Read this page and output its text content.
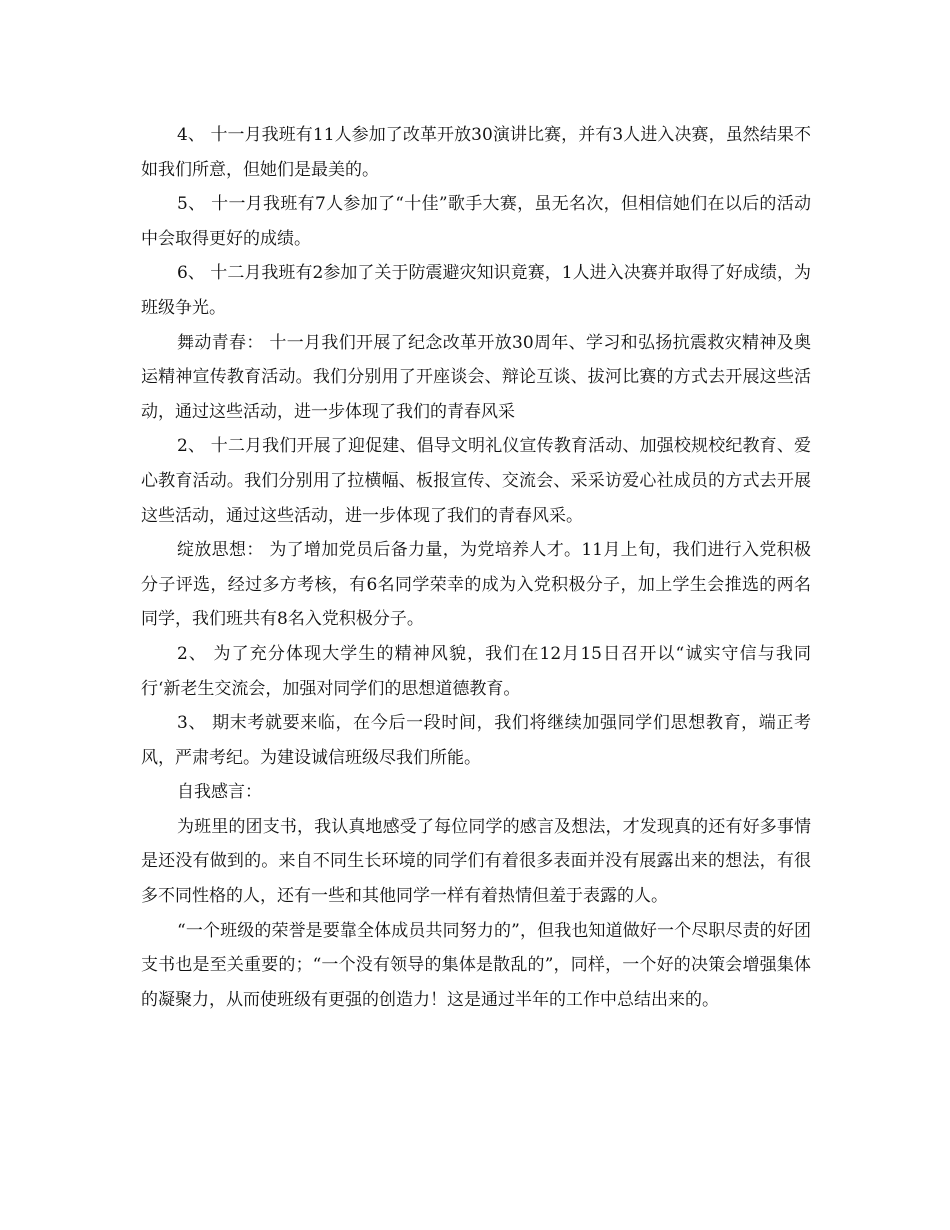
4、 十一月我班有11人参加了改革开放30演讲比赛，并有3人进入决赛，虽然结果不如我们所意，但她们是最美的。

5、 十一月我班有7人参加了“十佳”歌手大赛，虽无名次，但相信她们在以后的活动中会取得更好的成绩。

6、 十二月我班有2参加了关于防震避灾知识竟赛，1人进入决赛并取得了好成绩，为班级争光。

舞动青春： 十一月我们开展了纪念改革开放30周年、学习和弘扬抗震救灾精神及奥运精神宣传教育活动。我们分别用了开座谈会、辩论互谈、拔河比赛的方式去开展这些活动，通过这些活动，进一步体现了我们的青春风采

2、 十二月我们开展了迎促建、倡导文明礼仪宣传教育活动、加强校规校纪教育、爱心教育活动。我们分别用了拉横幅、板报宣传、交流会、采采访爱心社成员的方式去开展这些活动，通过这些活动，进一步体现了我们的青春风采。

绽放思想： 为了增加党员后备力量，为党培养人才。11月上旬，我们进行入党积极分子评选，经过多方考核，有6名同学荣幸的成为入党积极分子，加上学生会推选的两名同学，我们班共有8名入党积极分子。

2、 为了充分体现大学生的精神风貌，我们在12月15日召开以“诚实守信与我同行‘新老生交流会，加强对同学们的思想道德教育。

3、 期末考就要来临，在今后一段时间，我们将继续加强同学们思想教育，端正考风，严肃考纪。为建设诚信班级尽我们所能。

自我感言：

为班里的团支书，我认真地感受了每位同学的感言及想法，才发现真的还有好多事情是还没有做到的。来自不同生长环境的同学们有着很多表面并没有展露出来的想法，有很多不同性格的人，还有一些和其他同学一样有着热情但羞于表露的人。

“一个班级的荣誉是要靠全体成员共同努力的”，但我也知道做好一个尽职尽责的好团支书也是至关重要的；“一个没有领导的集体是散乱的”，同样，一个好的决策会增强集体的凝聚力，从而使班级有更强的创造力！这是通过半年的工作中总结出来的。
